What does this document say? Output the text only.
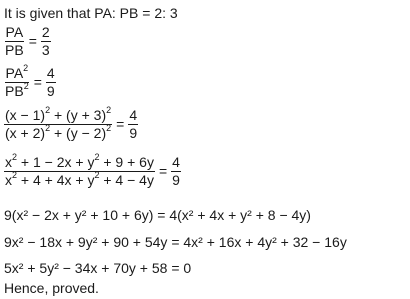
It is given that PA: PB = 2: 3
$\frac{PA}{PB} = \frac{2}{3}$
$\frac{PA^2}{PB^2} = \frac{4}{9}$
$\frac{(x - 1)^2 + (y + 3)^2}{(x + 2)^2 + (y - 2)^2} = \frac{4}{9}$
$\frac{x^2 + 1 - 2x + y^2 + 9 + 6y}{x^2 + 4 + 4x + y^2 + 4 - 4y} = \frac{4}{9}$
9(x² − 2x + y² + 10 + 6y) = 4(x² + 4x + y² + 8 − 4y)
9x² − 18x + 9y² + 90 + 54y = 4x² + 16x + 4y² + 32 − 16y
5x² + 5y² − 34x + 70y + 58 = 0
Hence, proved.
